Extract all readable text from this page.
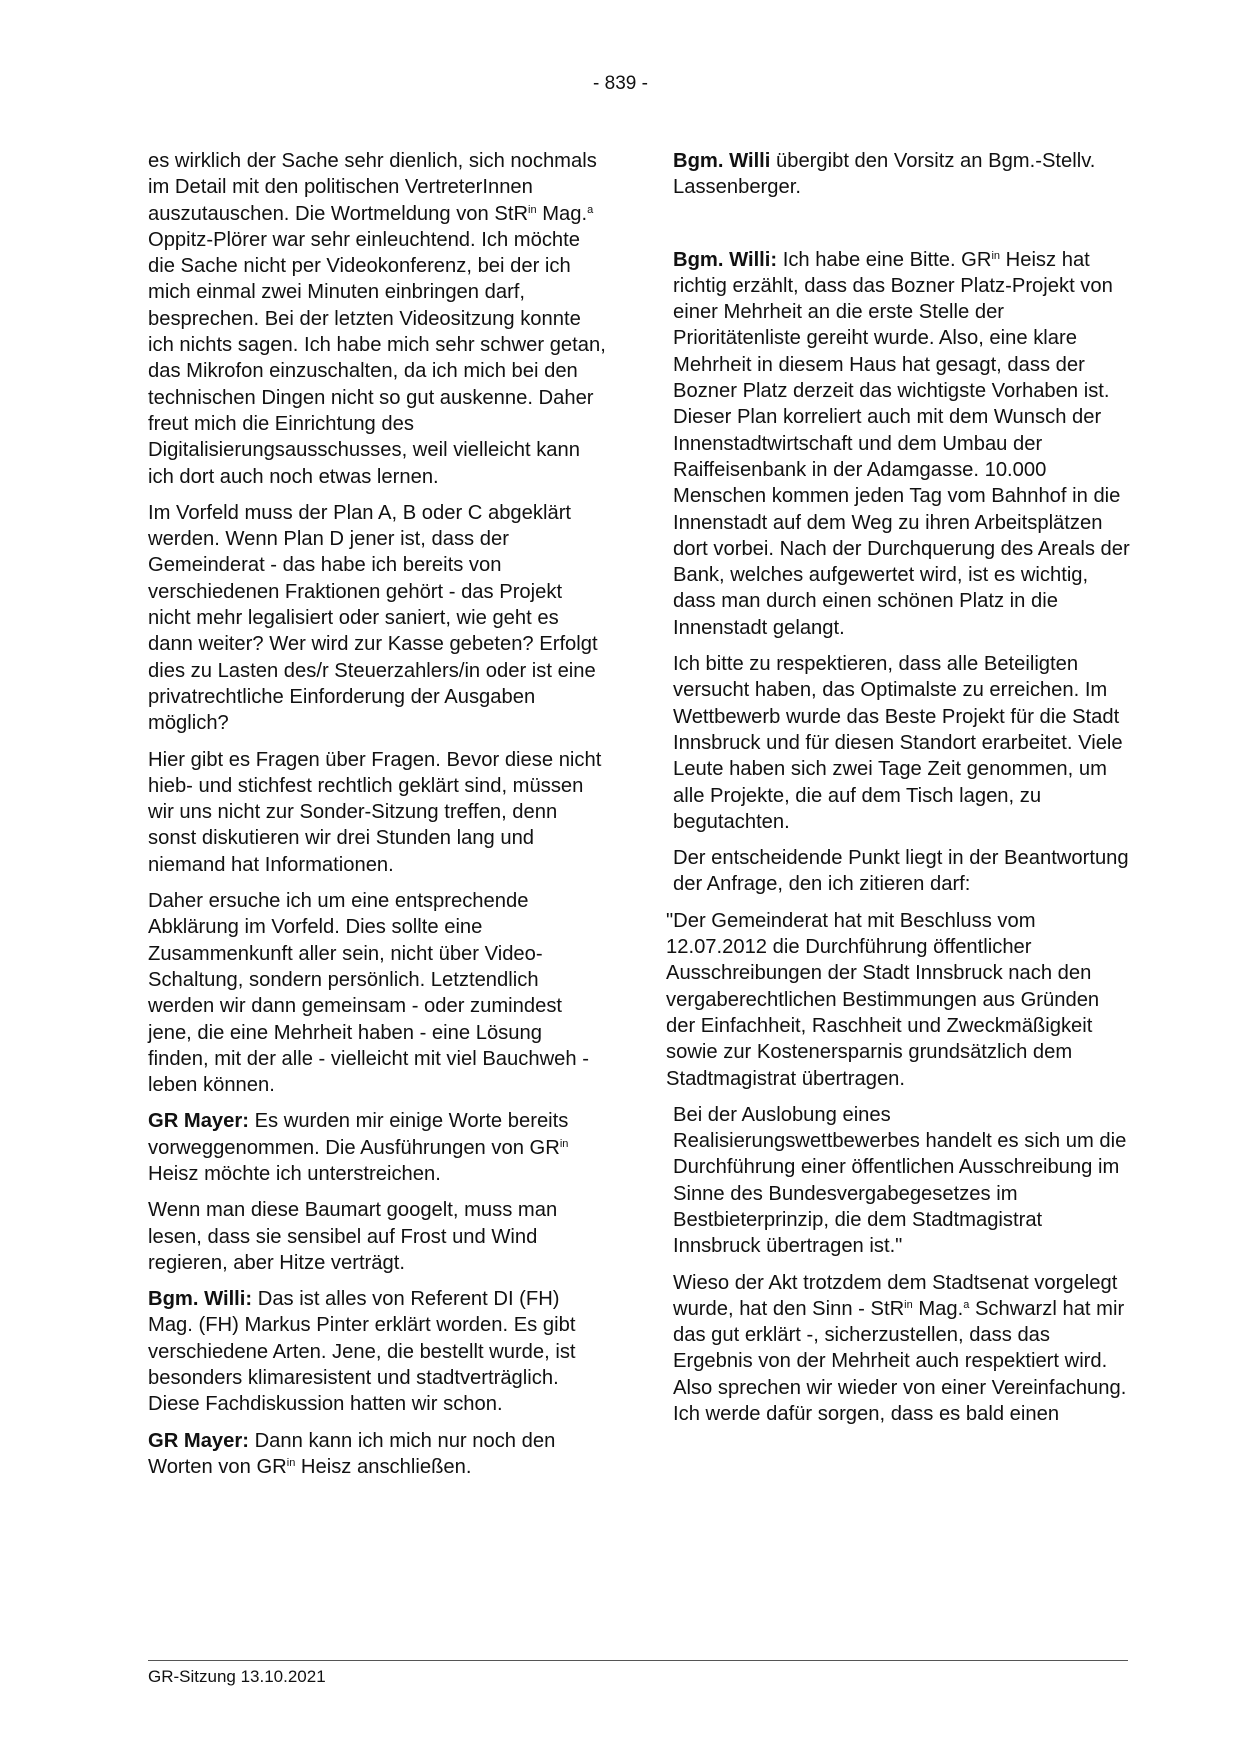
- 839 -

es wirklich der Sache sehr dienlich, sich nochmals im Detail mit den politischen VertreterInnen auszutauschen. Die Wortmeldung von StR$^{in}$ Mag.$^a$ Oppitz-Plörer war sehr einleuchtend. Ich möchte die Sache nicht per Videokonferenz, bei der ich mich einmal zwei Minuten einbringen darf, besprechen. Bei der letzten Videositzung konnte ich nichts sagen. Ich habe mich sehr schwer getan, das Mikrofon einzuschalten, da ich mich bei den technischen Dingen nicht so gut auskenne. Daher freut mich die Einrichtung des Digitalisierungsausschusses, weil vielleicht kann ich dort auch noch etwas lernen.

Im Vorfeld muss der Plan A, B oder C abgeklärt werden. Wenn Plan D jener ist, dass der Gemeinderat - das habe ich bereits von verschiedenen Fraktionen gehört - das Projekt nicht mehr legalisiert oder saniert, wie geht es dann weiter? Wer wird zur Kasse gebeten? Erfolgt dies zu Lasten des/r Steuerzahlers/in oder ist eine privatrechtliche Einforderung der Ausgaben möglich?

Hier gibt es Fragen über Fragen. Bevor diese nicht hieb- und stichfest rechtlich geklärt sind, müssen wir uns nicht zur Sonder-Sitzung treffen, denn sonst diskutieren wir drei Stunden lang und niemand hat Informationen.

Daher ersuche ich um eine entsprechende Abklärung im Vorfeld. Dies sollte eine Zusammenkunft aller sein, nicht über Video-Schaltung, sondern persönlich. Letztendlich werden wir dann gemeinsam - oder zumindest jene, die eine Mehrheit haben - eine Lösung finden, mit der alle - vielleicht mit viel Bauchweh - leben können.

GR Mayer: Es wurden mir einige Worte bereits vorweggenommen. Die Ausführungen von $GR^{in}$ Heisz möchte ich unterstreichen.

Wenn man diese Baumart googelt, muss man lesen, dass sie sensibel auf Frost und Wind regieren, aber Hitze verträgt.

Bgm. Willi: Das ist alles von Referent DI (FH) Mag. (FH) Markus Pinter erklärt worden. Es gibt verschiedene Arten. Jene, die bestellt wurde, ist besonders klimaresistent und stadtverträglich. Diese Fachdiskussion hatten wir schon.

GR Mayer: Dann kann ich mich nur noch den Worten von $GR^{in}$ Heisz anschließen.

Bgm. Willi übergibt den Vorsitz an Bgm.-Stellv. Lassenberger.

Bgm. Willi: Ich habe eine Bitte. $GR^{in}$ Heisz hat richtig erzählt, dass das Bozner Platz-Projekt von einer Mehrheit an die erste Stelle der Prioritätenliste gereiht wurde. Also, eine klare Mehrheit in diesem Haus hat gesagt, dass der Bozner Platz derzeit das wichtigste Vorhaben ist. Dieser Plan korreliert auch mit dem Wunsch der Innenstadtwirtschaft und dem Umbau der Raiffeisenbank in der Adamgasse. 10.000 Menschen kommen jeden Tag vom Bahnhof in die Innenstadt auf dem Weg zu ihren Arbeitsplätzen dort vorbei. Nach der Durchquerung des Areals der Bank, welches aufgewertet wird, ist es wichtig, dass man durch einen schönen Platz in die Innenstadt gelangt.

Ich bitte zu respektieren, dass alle Beteiligten versucht haben, das Optimalste zu erreichen. Im Wettbewerb wurde das Beste Projekt für die Stadt Innsbruck und für diesen Standort erarbeitet. Viele Leute haben sich zwei Tage Zeit genommen, um alle Projekte, die auf dem Tisch lagen, zu begutachten.

Der entscheidende Punkt liegt in der Beantwortung der Anfrage, den ich zitieren darf:

"Der Gemeinderat hat mit Beschluss vom 12.07.2012 die Durchführung öffentlicher Ausschreibungen der Stadt Innsbruck nach den vergaberechtlichen Bestimmungen aus Gründen der Einfachheit, Raschheit und Zweckmäßigkeit sowie zur Kostenersparnis grundsätzlich dem Stadtmagistrat übertragen.

Bei der Auslobung eines Realisierungswettbewerbes handelt es sich um die Durchführung einer öffentlichen Ausschreibung im Sinne des Bundesvergabegesetzes im Bestbieterprinzip, die dem Stadtmagistrat Innsbruck übertragen ist."

Wieso der Akt trotzdem dem Stadtsenat vorgelegt wurde, hat den Sinn - StR$^{in}$ Mag.$^a$ Schwarzl hat mir das gut erklärt -, sicherzustellen, dass das Ergebnis von der Mehrheit auch respektiert wird. Also sprechen wir wieder von einer Vereinfachung. Ich werde dafür sorgen, dass es bald einen

GR-Sitzung 13.10.2021
